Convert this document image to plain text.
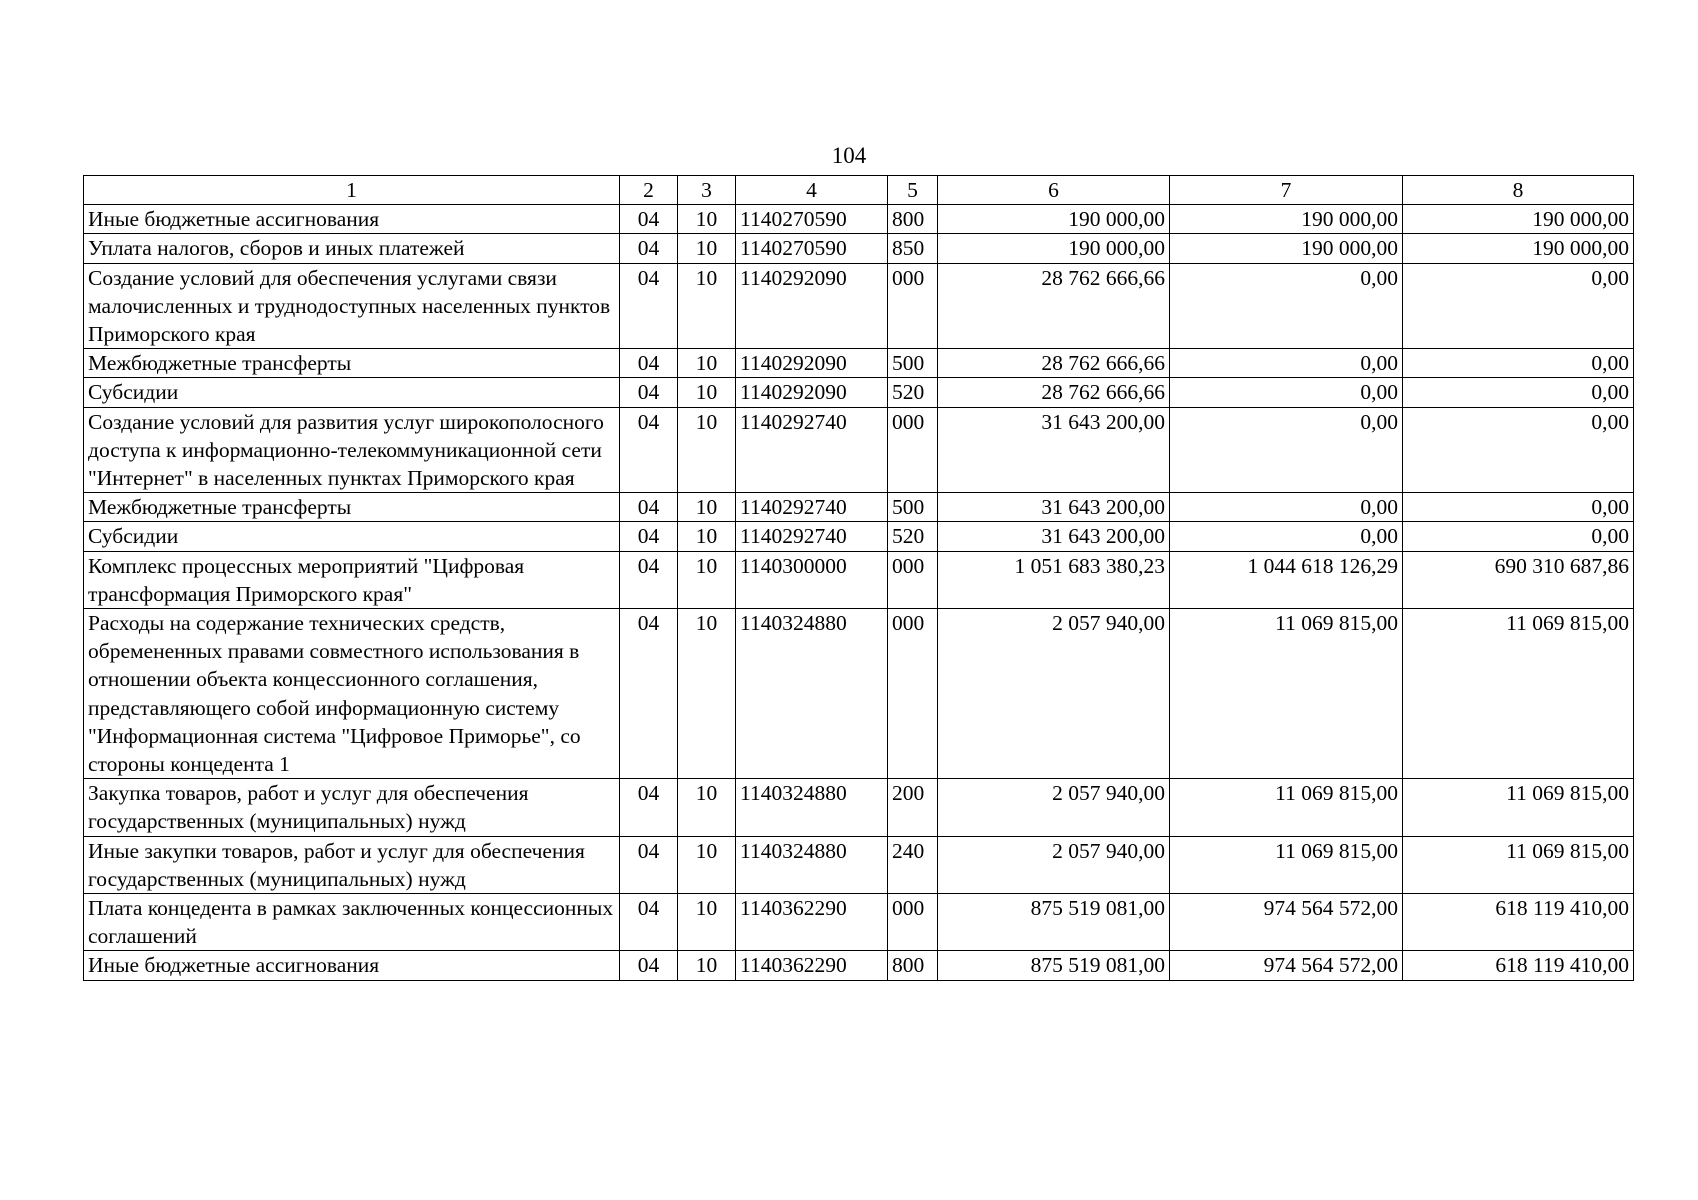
104
1	2	3	4	5	6	7	8
Иные бюджетные ассигнования	04	10	1140270590	800	190 000,00	190 000,00	190 000,00
Уплата налогов, сборов и иных платежей	04	10	1140270590	850	190 000,00	190 000,00	190 000,00
Создание условий для обеспечения услугами связи малочисленных и труднодоступных населенных пунктов Приморского края	04	10	1140292090	000	28 762 666,66	0,00	0,00
Межбюджетные трансферты	04	10	1140292090	500	28 762 666,66	0,00	0,00
Субсидии	04	10	1140292090	520	28 762 666,66	0,00	0,00
Создание условий для развития услуг широкополосного доступа к информационно-телекоммуникационной сети "Интернет" в населенных пунктах Приморского края	04	10	1140292740	000	31 643 200,00	0,00	0,00
Межбюджетные трансферты	04	10	1140292740	500	31 643 200,00	0,00	0,00
Субсидии	04	10	1140292740	520	31 643 200,00	0,00	0,00
Комплекс процессных мероприятий "Цифровая трансформация Приморского края"	04	10	1140300000	000	1 051 683 380,23	1 044 618 126,29	690 310 687,86
Расходы на содержание технических средств, обремененных правами совместного использования в отношении объекта концессионного соглашения, представляющего собой информационную систему "Информационная система "Цифровое Приморье", со стороны концедента 1	04	10	1140324880	000	2 057 940,00	11 069 815,00	11 069 815,00
Закупка товаров, работ и услуг для обеспечения государственных (муниципальных) нужд	04	10	1140324880	200	2 057 940,00	11 069 815,00	11 069 815,00
Иные закупки товаров, работ и услуг для обеспечения государственных (муниципальных) нужд	04	10	1140324880	240	2 057 940,00	11 069 815,00	11 069 815,00
Плата концедента в рамках заключенных концессионных соглашений	04	10	1140362290	000	875 519 081,00	974 564 572,00	618 119 410,00
Иные бюджетные ассигнования	04	10	1140362290	800	875 519 081,00	974 564 572,00	618 119 410,00
